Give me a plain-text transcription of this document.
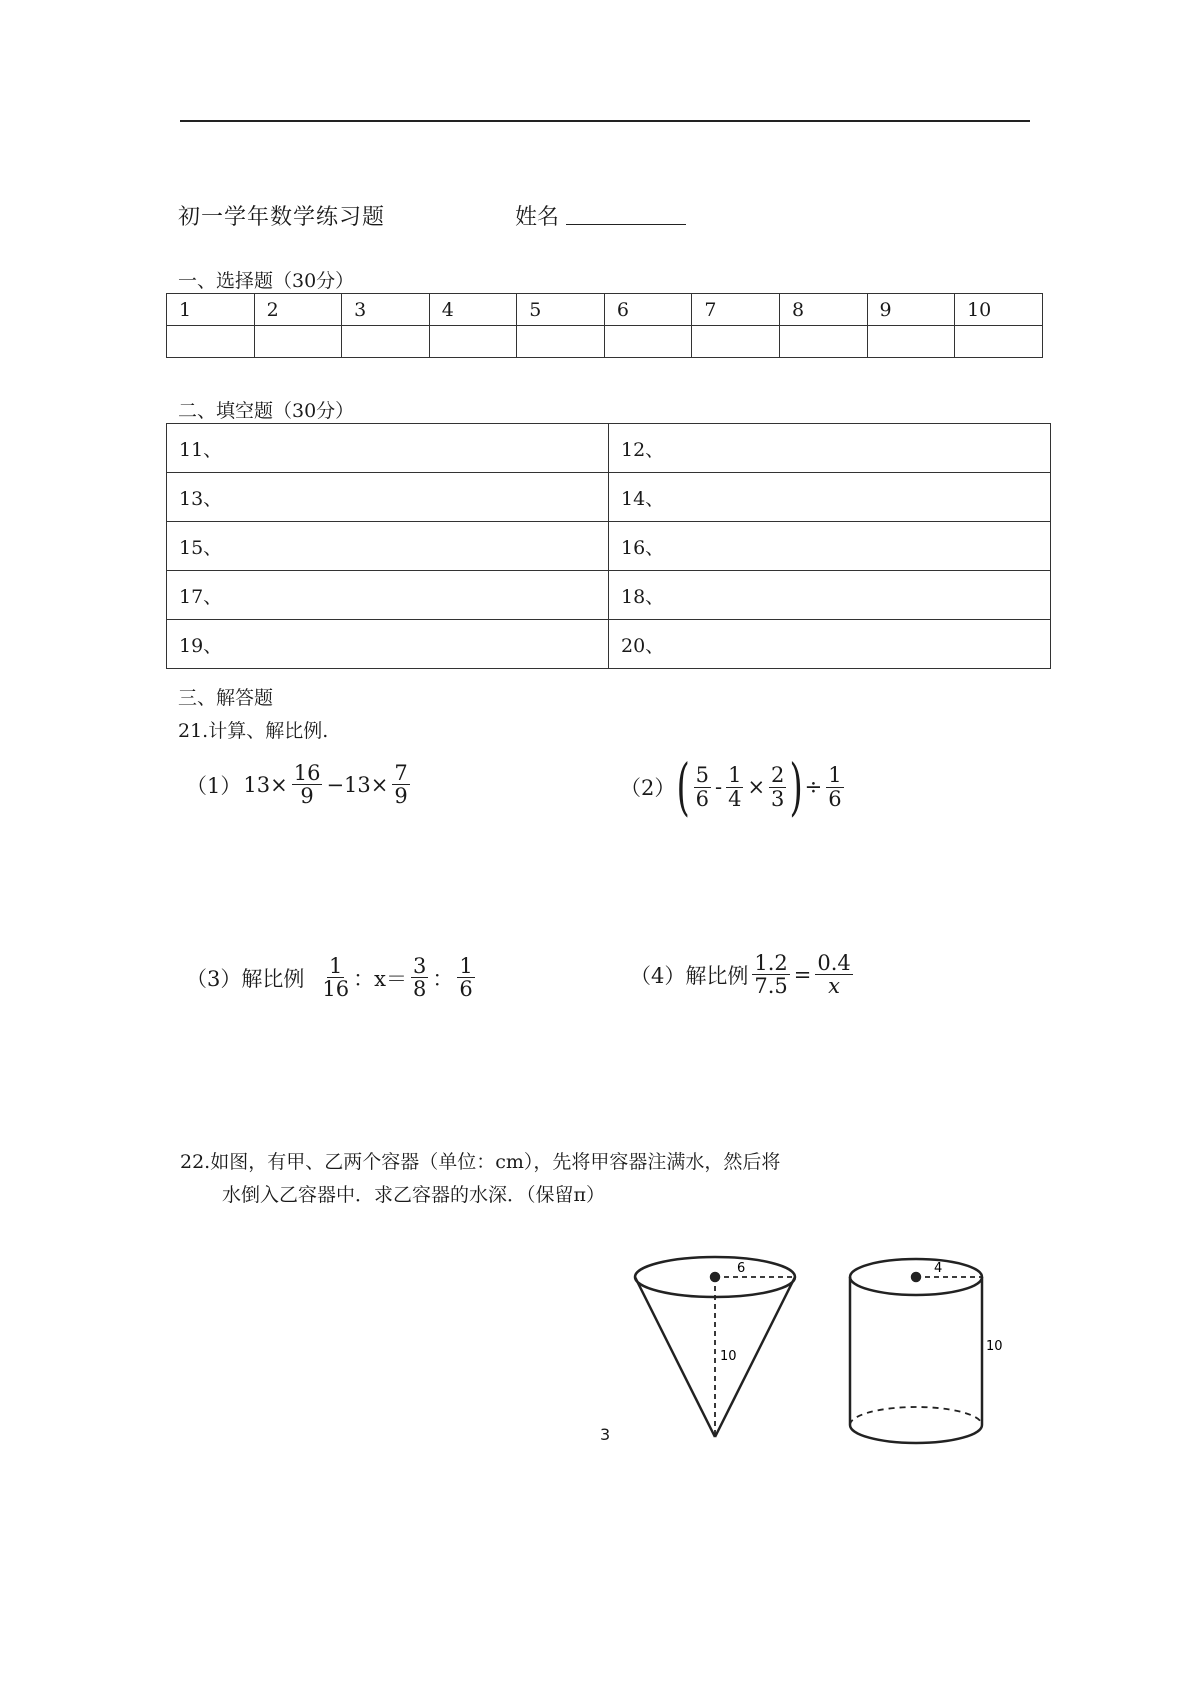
初一学年数学练习题	姓名
一、选择题（30分）
1	2	3	4	5	6	7	8	9	10

二、填空题（30分）
11、	12、
13、	14、
15、	16、
17、	18、
19、	20、
三、解答题
21.计算、解比例.
（1） $13\times \frac{16}{9} -13\times \frac{7}{9}$	（2） ( $\frac{5}{6} - \frac{1}{4} \times \frac{2}{3}$ ) ÷ $\frac{1}{6}$
（3）解比例 $\frac{1}{16}$ ：$x= \frac{3}{8}$ ： $\frac{1}{6}$	（4）解比例 $\frac{1.2}{7.5} = \frac{0.4}{x}$
22.如图，有甲、乙两个容器（单位：cm），先将甲容器注满水，然后将
水倒入乙容器中．求乙容器的水深．（保留π）
6
10
4
10
3
